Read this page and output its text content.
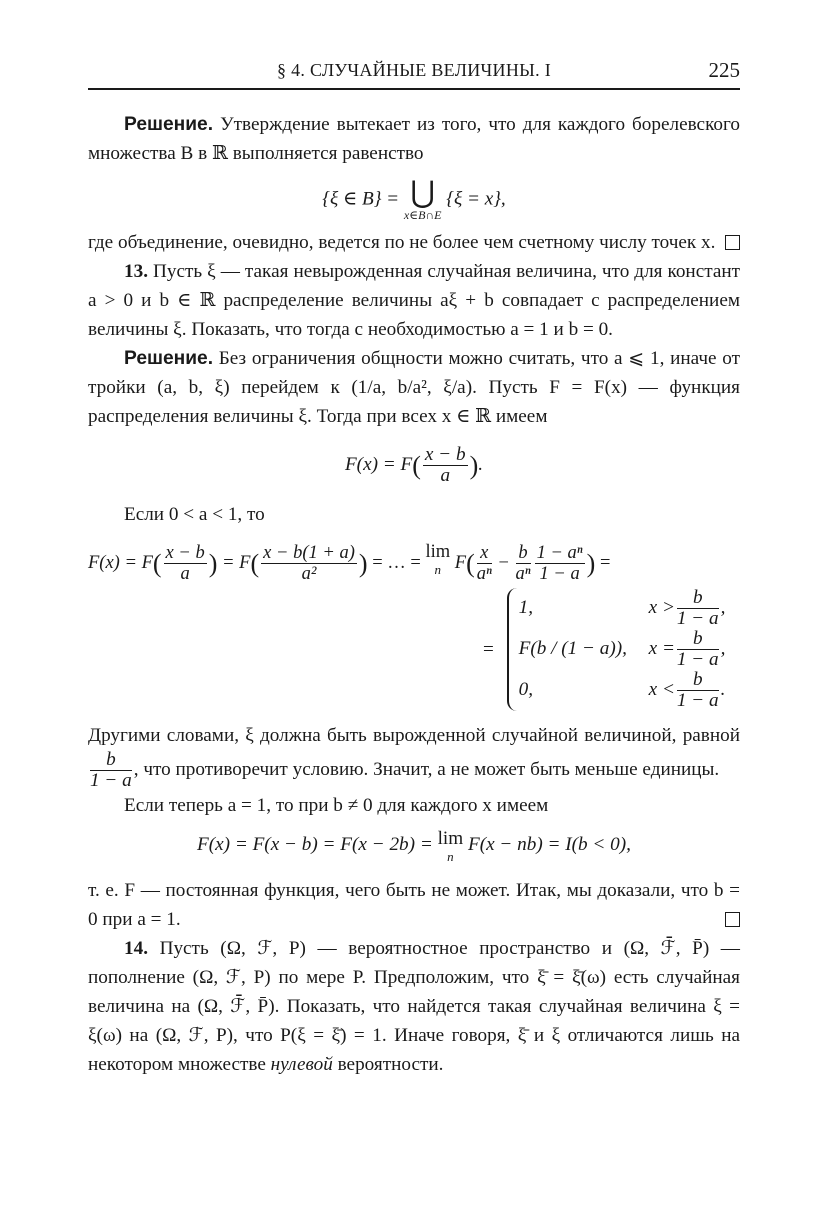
§ 4. СЛУЧАЙНЫЕ ВЕЛИЧИНЫ. I	225

Решение. Утверждение вытекает из того, что для каждого борелевского множества B в ℝ выполняется равенство

{ξ ∈ B} = ⋃
x∈B∩E
{ξ = x},

где объединение, очевидно, ведется по не более чем счетному числу точек x.

13. Пусть ξ — такая невырожденная случайная величина, что для констант a > 0 и b ∈ ℝ распределение величины aξ + b совпадает с распределением величины ξ. Показать, что тогда с необходимостью a = 1 и b = 0.

Решение. Без ограничения общности можно считать, что a ⩽ 1, иначе от тройки (a, b, ξ) перейдем к (1/a, b/a², ξ/a). Пусть F = F(x) — функция распределения величины ξ. Тогда при всех x ∈ ℝ имеем

$F(x) = F( \frac{x - b}{a}$ ).

Если 0 < a < 1, то

$F(x) = F( \frac{x - b}{a}$ ) = $F( \frac{x - b(1 + a)}{\text{a²}}$ ) = … =
lim
n $F( \frac{x}{\text{aⁿ}} - \frac{b}{\text{aⁿ}} \frac{\text{1 − aⁿ}}{1 - a}$ ) =
=
1,	$x > \frac{b}{1 - a}$ ,
F(b / (1 − a)),	$x = \frac{b}{1 - a}$ ,
0,	$x < \frac{b}{1 - a}$ .

Другими словами, ξ должна быть вырожденной случайной величиной, равной
$\frac{b}{1 - a}$ , что противоречит условию. Значит, a не может быть меньше единицы.

Если теперь a = 1, то при b ≠ 0 для каждого x имеем

F(x) = F(x − b) = F(x − 2b) = lim
n
F(x − nb) = I(b < 0),

т. е. F — постоянная функция, чего быть не может. Итак, мы доказали, что b = 0 при a = 1.

14. Пусть (Ω, ℱ, P) — вероятностное пространство и (Ω, ℱ̄, P̄) — пополнение (Ω, ℱ, P) по мере P. Предположим, что ξ̄ = ξ̄(ω) есть случайная величина на (Ω, ℱ̄, P̄). Показать, что найдется такая случайная величина ξ = ξ(ω) на (Ω, ℱ, P), что P(ξ = ξ̄) = 1. Иначе говоря, ξ̄ и ξ отличаются лишь на некотором множестве нулевой вероятности.
